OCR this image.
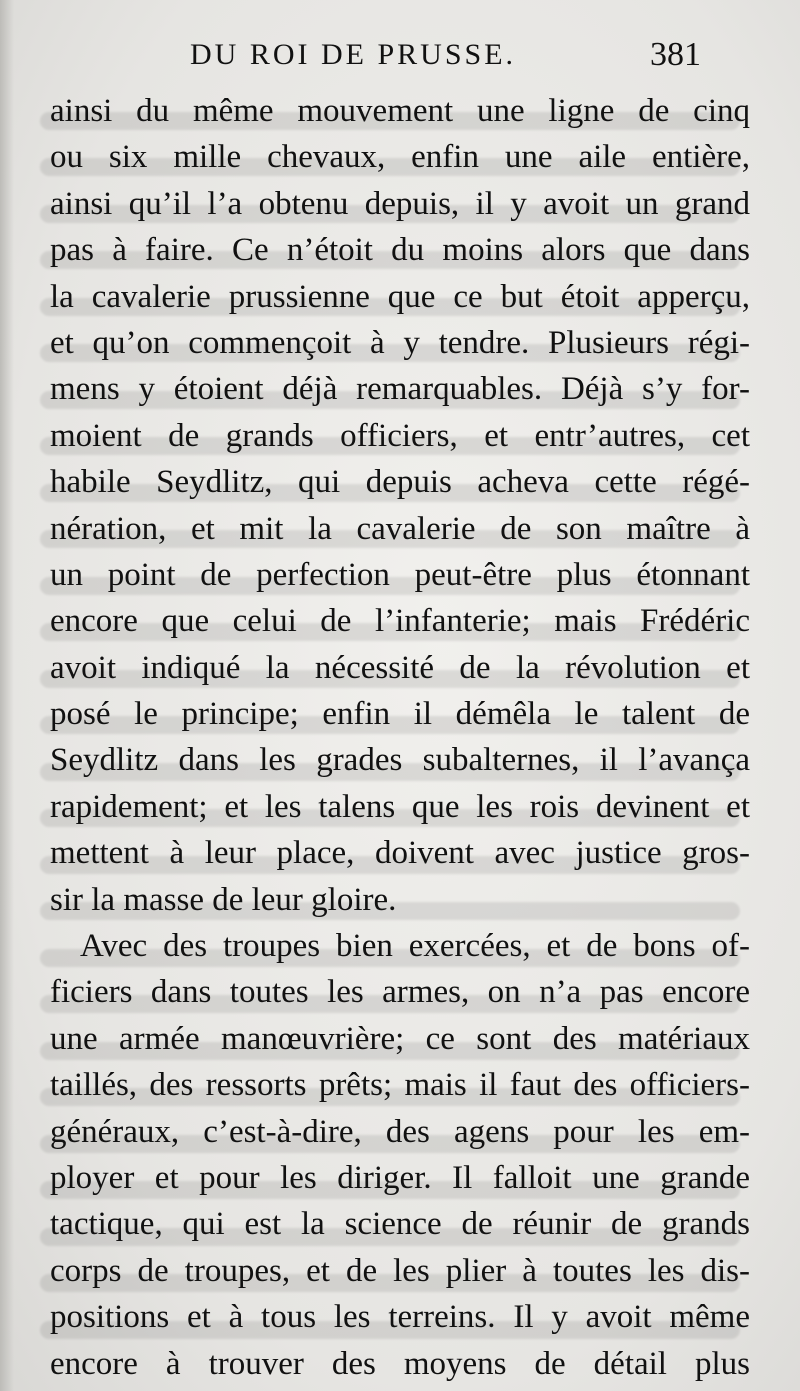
DU ROI DE PRUSSE.	381
ainsi du même mouvement une ligne de cinq
ou six mille chevaux, enfin une aile entière,
ainsi qu’il l’a obtenu depuis, il y avoit un grand
pas à faire. Ce n’étoit du moins alors que dans
la cavalerie prussienne que ce but étoit apperçu,
et qu’on commençoit à y tendre. Plusieurs régi-
mens y étoient déjà remarquables. Déjà s’y for-
moient de grands officiers, et entr’autres, cet
habile Seydlitz, qui depuis acheva cette régé-
nération, et mit la cavalerie de son maître à
un point de perfection peut-être plus étonnant
encore que celui de l’infanterie; mais Frédéric
avoit indiqué la nécessité de la révolution et
posé le principe; enfin il démêla le talent de
Seydlitz dans les grades subalternes, il l’avança
rapidement; et les talens que les rois devinent et
mettent à leur place, doivent avec justice gros-
sir la masse de leur gloire.
Avec des troupes bien exercées, et de bons of-
ficiers dans toutes les armes, on n’a pas encore
une armée manœuvrière; ce sont des matériaux
taillés, des ressorts prêts; mais il faut des officiers-
généraux, c’est-à-dire, des agens pour les em-
ployer et pour les diriger. Il falloit une grande
tactique, qui est la science de réunir de grands
corps de troupes, et de les plier à toutes les dis-
positions et à tous les terreins. Il y avoit même
encore à trouver des moyens de détail plus
